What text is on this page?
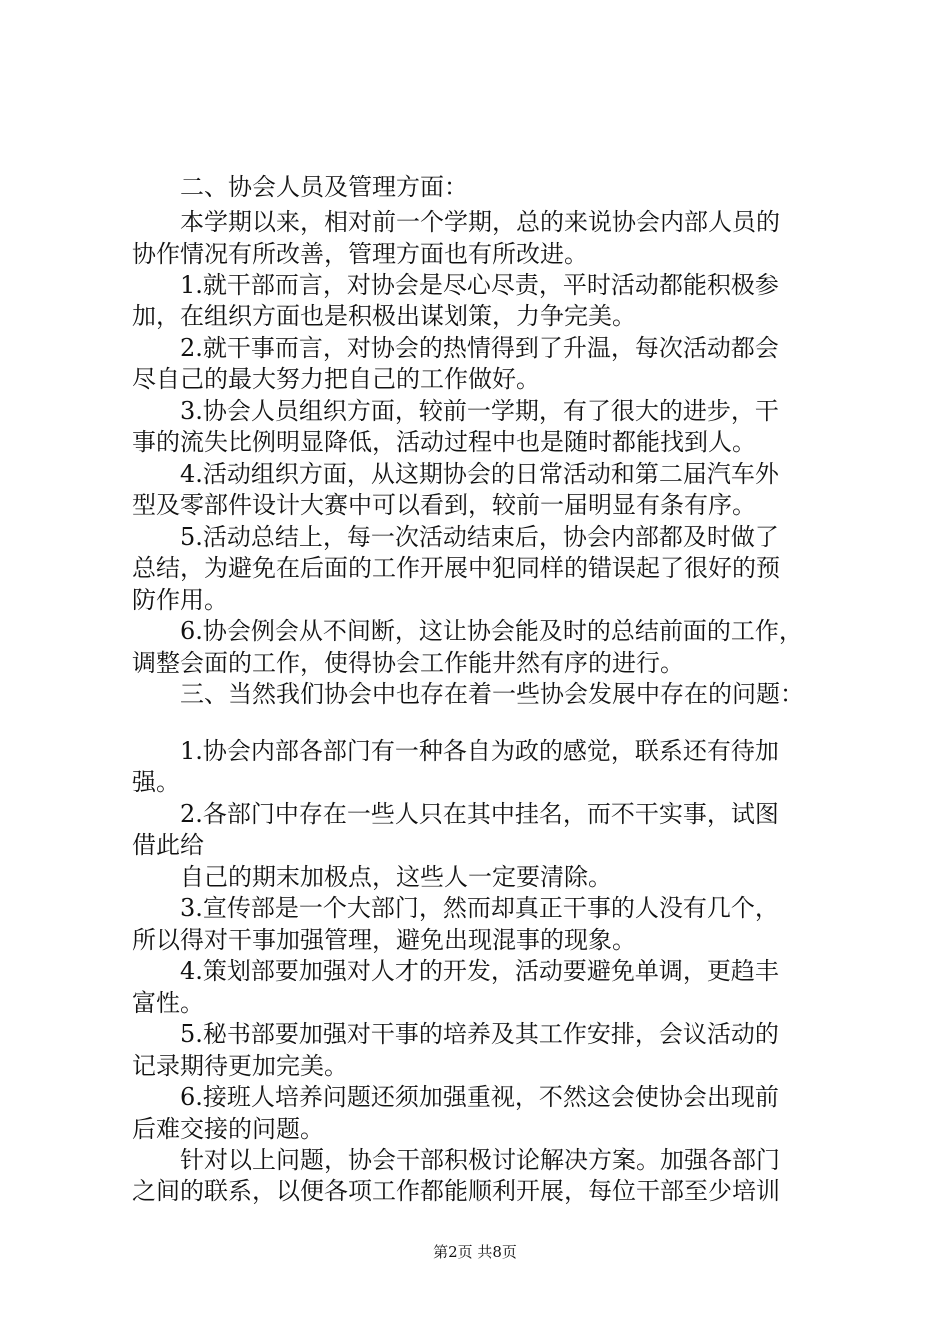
二、协会人员及管理方面：

本学期以来，相对前一个学期，总的来说协会内部人员的

协作情况有所改善，管理方面也有所改进。

1.就干部而言，对协会是尽心尽责，平时活动都能积极参

加，在组织方面也是积极出谋划策，力争完美。

2.就干事而言，对协会的热情得到了升温，每次活动都会

尽自己的最大努力把自己的工作做好。

3.协会人员组织方面，较前一学期，有了很大的进步，干

事的流失比例明显降低，活动过程中也是随时都能找到人。

4.活动组织方面，从这期协会的日常活动和第二届汽车外

型及零部件设计大赛中可以看到，较前一届明显有条有序。

5.活动总结上，每一次活动结束后，协会内部都及时做了

总结，为避免在后面的工作开展中犯同样的错误起了很好的预

防作用。

6.协会例会从不间断，这让协会能及时的总结前面的工作，

调整会面的工作，使得协会工作能井然有序的进行。

三、当然我们协会中也存在着一些协会发展中存在的问题：

1.协会内部各部门有一种各自为政的感觉，联系还有待加

强。

2.各部门中存在一些人只在其中挂名，而不干实事，试图

借此给

自己的期末加极点，这些人一定要清除。

3.宣传部是一个大部门，然而却真正干事的人没有几个，

所以得对干事加强管理，避免出现混事的现象。

4.策划部要加强对人才的开发，活动要避免单调，更趋丰

富性。

5.秘书部要加强对干事的培养及其工作安排，会议活动的

记录期待更加完美。

6.接班人培养问题还须加强重视，不然这会使协会出现前

后难交接的问题。

针对以上问题，协会干部积极讨论解决方案。加强各部门

之间的联系，以便各项工作都能顺利开展，每位干部至少培训

第2页 共8页
